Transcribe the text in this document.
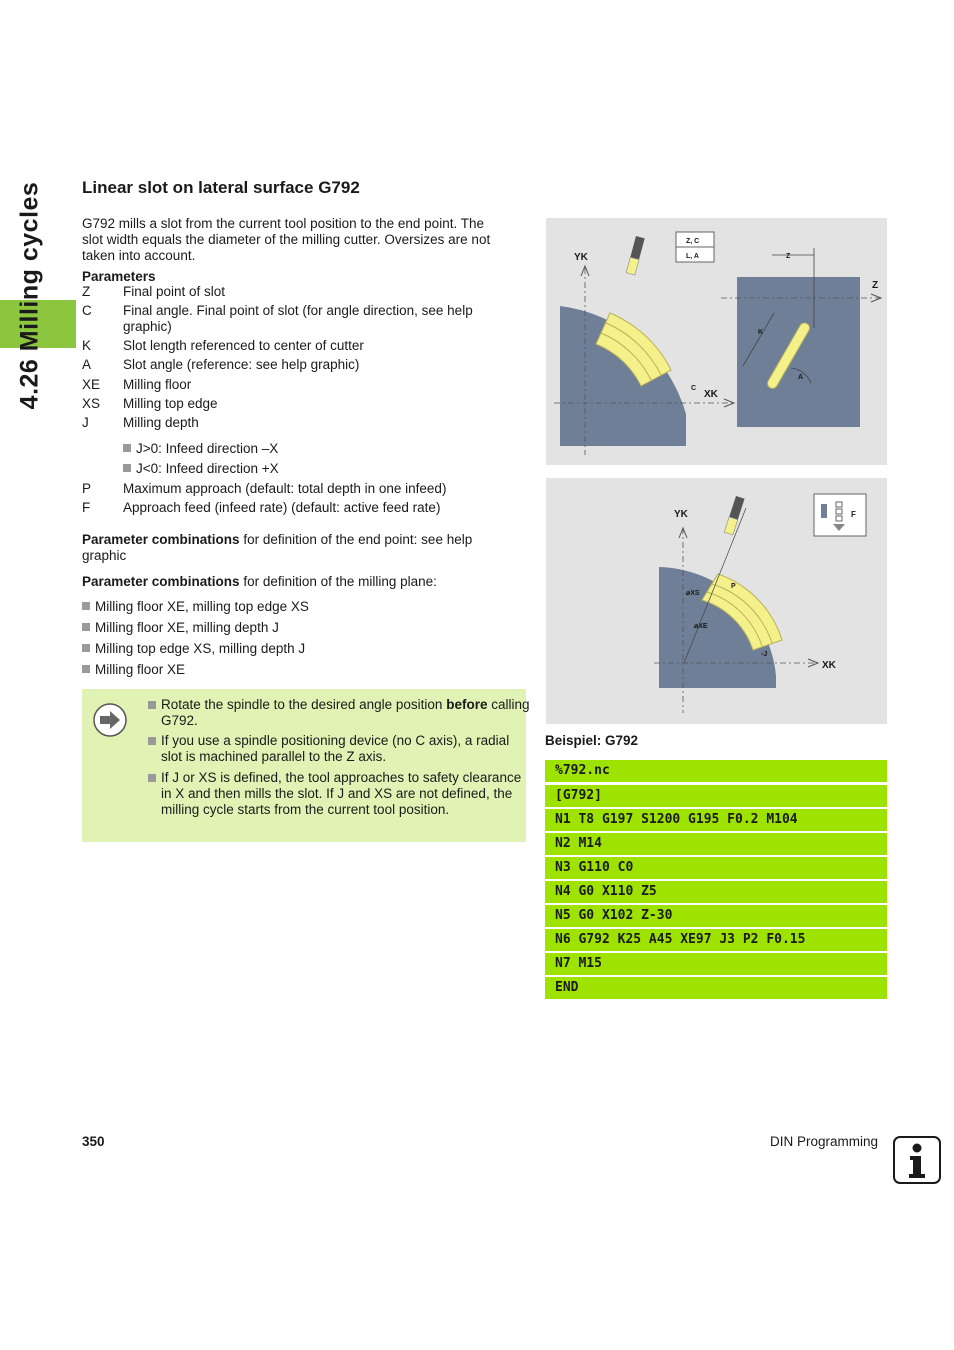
4.26 Milling cycles Linear slot on lateral surface G792
G792 mills a slot from the current tool position to the end point. The
slot width equals the diameter of the milling cutter. Oversizes are not
taken into account.
Parameters
Z Final point of slot
C Final angle. Final point of slot (for angle direction, see help graphic)
K Slot length referenced to center of cutter
A Slot angle (reference: see help graphic)
XE Milling floor
XS Milling top edge
J	Milling depth
J>0: Infeed direction –X
J<0: Infeed direction +X
P Maximum approach (default: total depth in one infeed)
F Approach feed (infeed rate) (default: active feed rate)
Parameter combinations for definition of the end point: see help graphic
Parameter combinations for definition of the milling plane:
Milling floor XE, milling top edge XS
Milling floor XE, milling depth J
Milling top edge XS, milling depth J
Milling floor XE
Rotate the spindle to the desired angle position before calling G792.
If you use a spindle positioning device (no C axis), a radial slot is machined parallel to the Z axis.
If J or XS is defined, the tool approaches to safety clearance in X and then mills the slot. If J and XS are not defined, the milling cycle starts from the current tool position.
YK
XK
C
Z, C
L, A
Z
Z
K
A
YK
XK
⌀XS
⌀XE
P
-J
F
Beispiel: G792
%792.nc
[G792]
N1 T8 G197 S1200 G195 F0.2 M104
N2 M14
N3 G110 C0
N4 G0 X110 Z5
N5 G0 X102 Z-30
N6 G792 K25 A45 XE97 J3 P2 F0.15
N7 M15
END
350	DIN Programming
